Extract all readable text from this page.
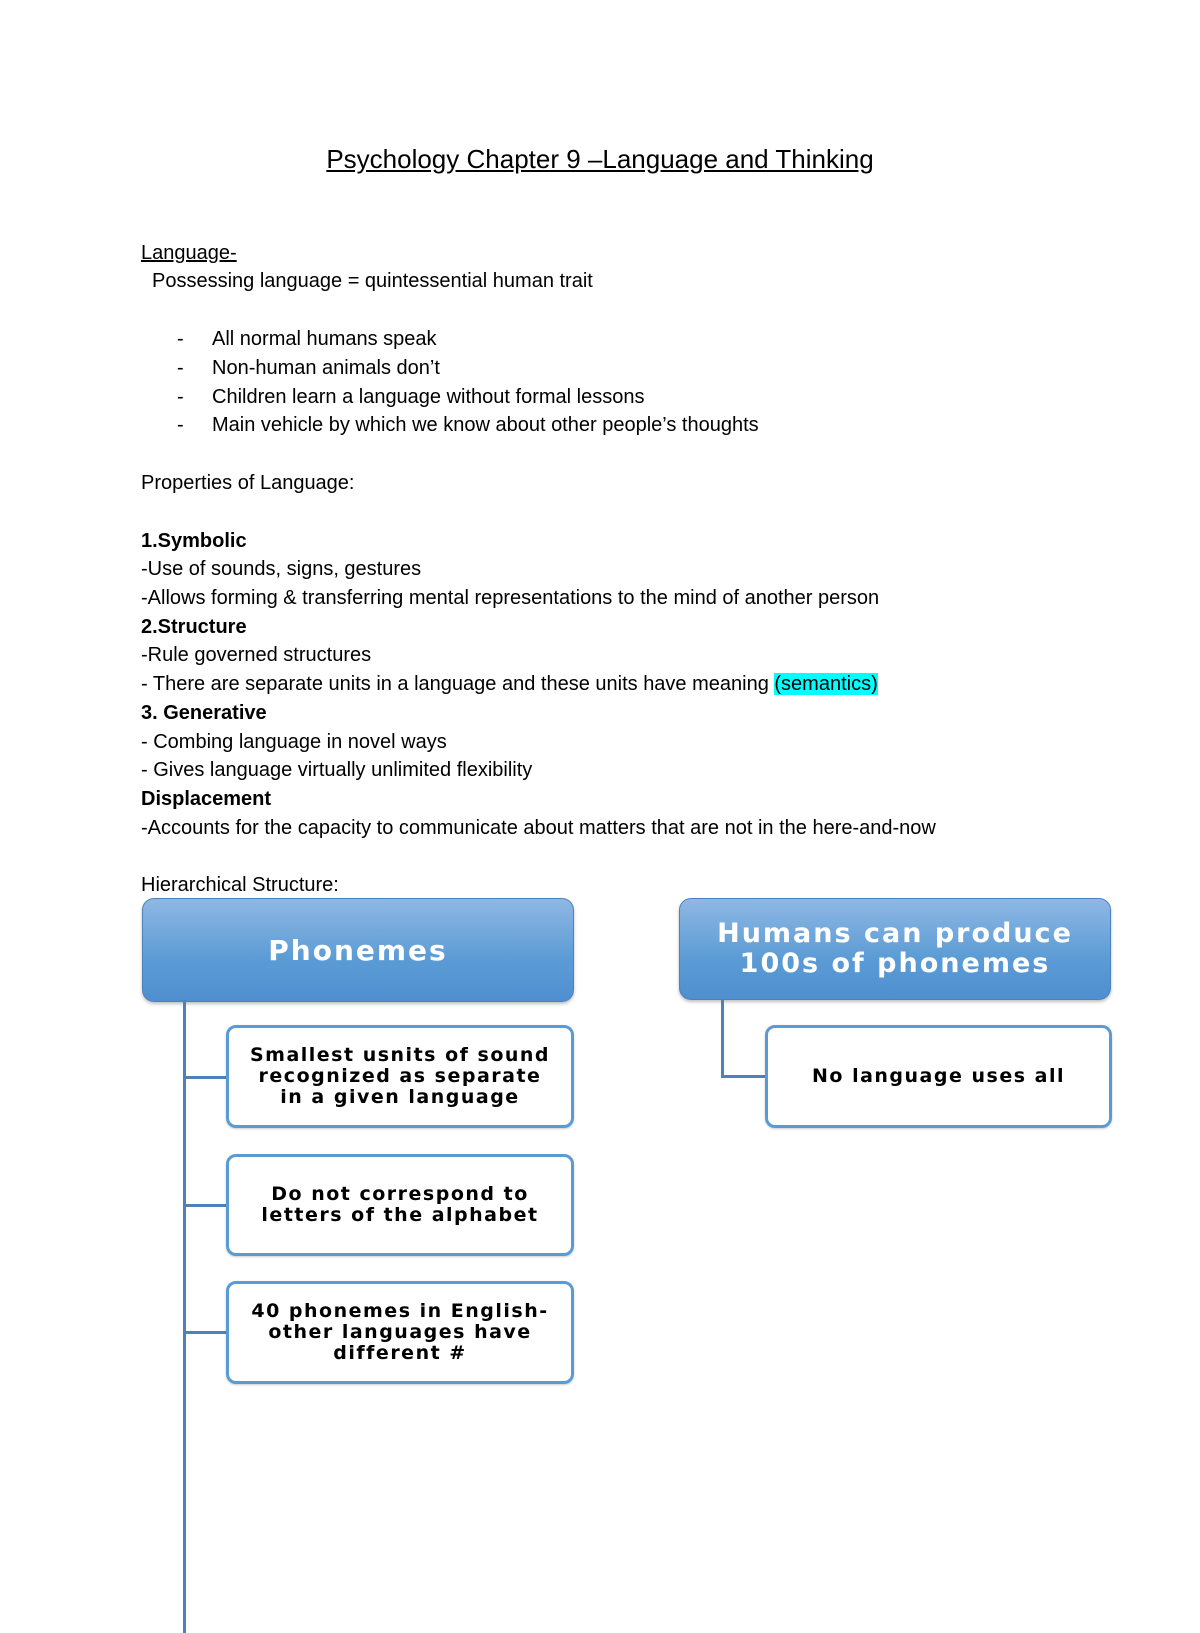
Psychology Chapter 9 –Language and Thinking
Language-
Possessing language = quintessential human trait
- All normal humans speak
- Non-human animals don’t
- Children learn a language without formal lessons
- Main vehicle by which we know about other people’s thoughts
Properties of Language:
1.Symbolic
-Use of sounds, signs, gestures
-Allows forming & transferring mental representations to the mind of another person
2.Structure
-Rule governed structures
- There are separate units in a language and these units have meaning (semantics)
3. Generative
- Combing language in novel ways
- Gives language virtually unlimited flexibility
Displacement
-Accounts for the capacity to communicate about matters that are not in the here-and-now
Hierarchical Structure:
Phonemes
Smallest usnits of sound recognized as separate in a given language
Do not correspond to letters of the alphabet
40 phonemes in English- other languages have different #
Humans can produce 100s of phonemes
No language uses all
